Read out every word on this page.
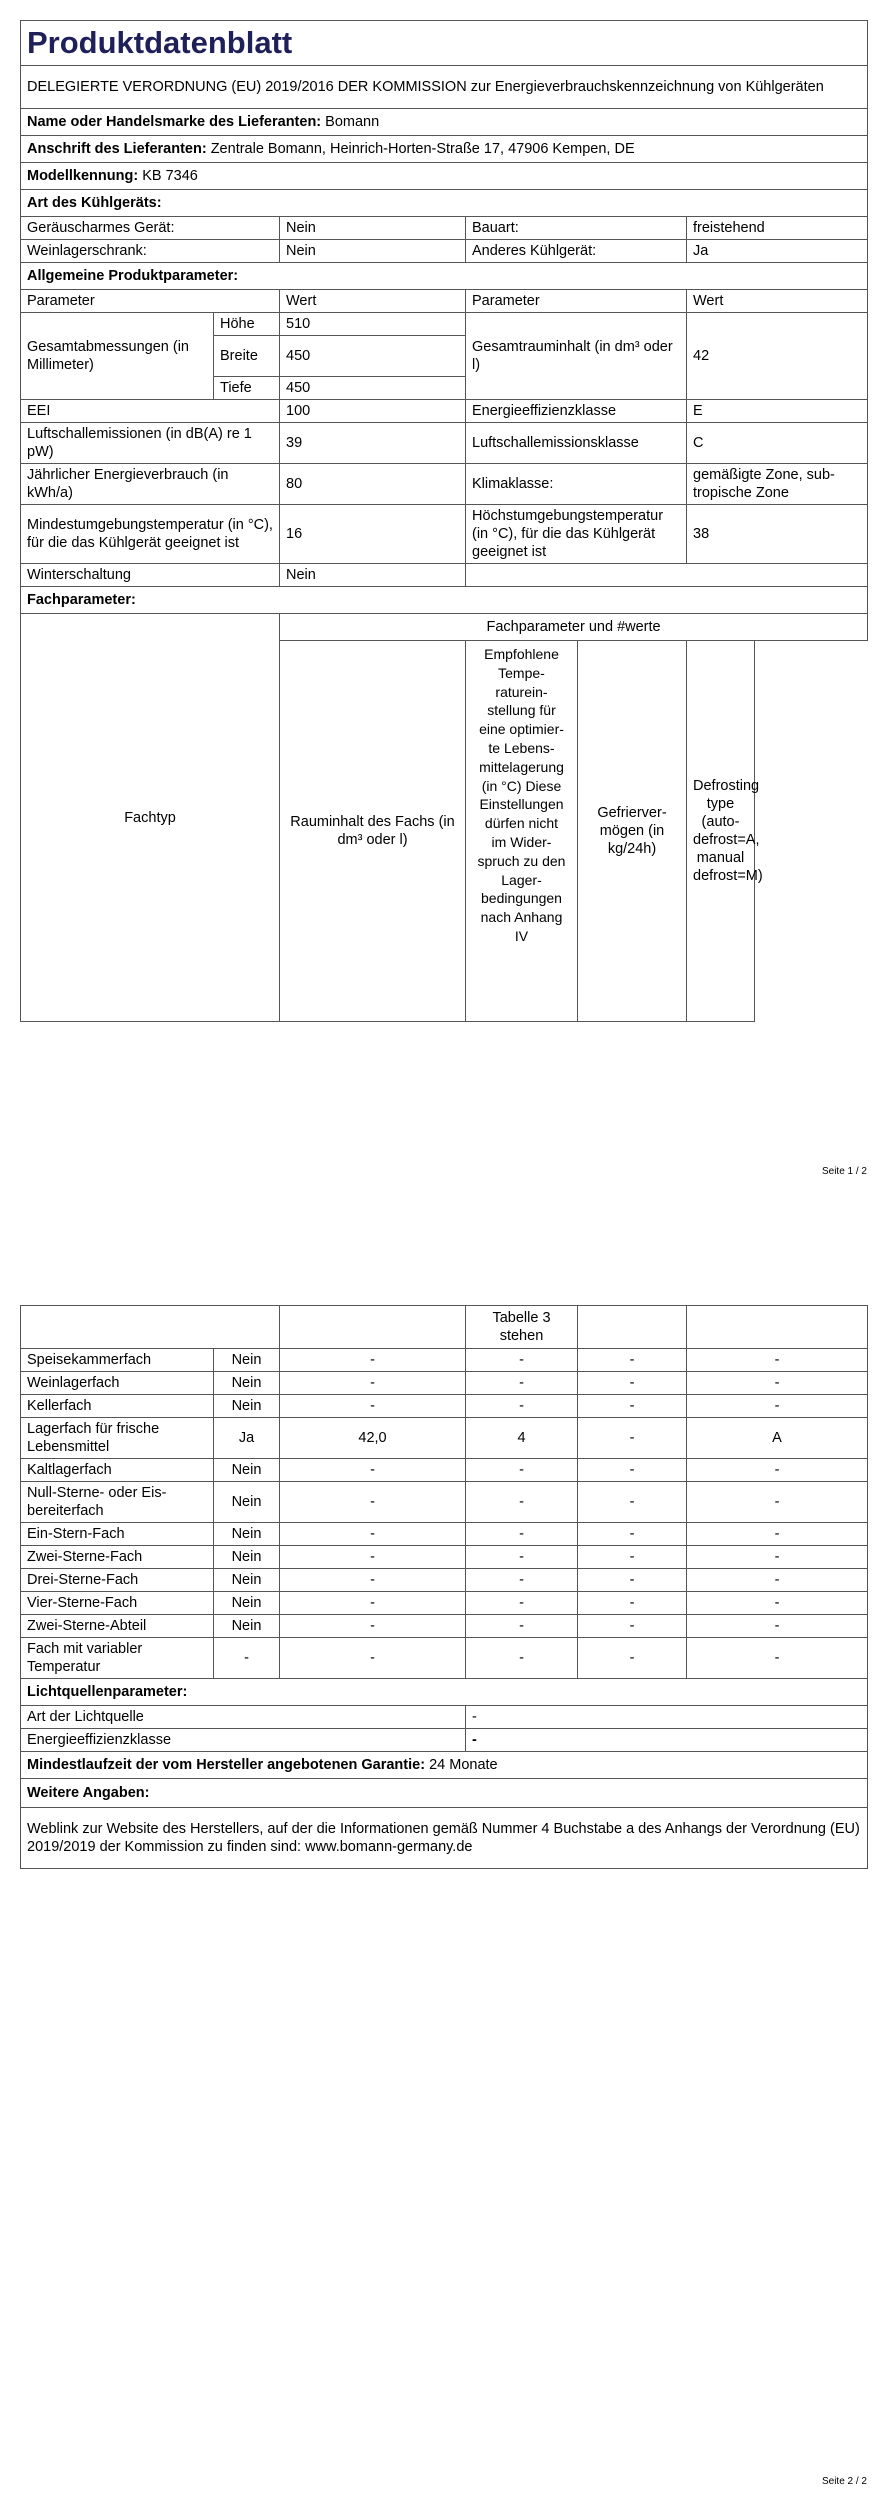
Produktdatenblatt					
DELEGIERTE VERORDNUNG (EU) 2019/2016 DER KOMMISSION zur Energieverbrauchskennzeichnung von Kühlgeräten					
Name oder Handelsmarke des Lieferanten: Bomann					
Anschrift des Lieferanten: Zentrale Bomann, Heinrich-Horten-Straße 17, 47906 Kempen, DE					
Modellkennung: KB 7346					
Art des Kühlgeräts:					
Geräuscharmes Gerät:		Nein	Bauart:		freistehend
Weinlagerschrank:		Nein	Anderes Kühlgerät:		Ja
Allgemeine Produktparameter:					
Parameter		Wert	Parameter		Wert
Gesamtabmessungen (in Millimeter)	Höhe	510	Gesamtrauminhalt (in dm³ oder l)		42
	Breite	450			
	Tiefe	450			
EEI		100	Energieeffizienzklasse		E
Luftschallemissionen (in dB(A) re 1 pW)		39	Luftschallemissionsklasse		C
Jährlicher Energieverbrauch (in kWh/a)		80	Klimaklasse:		gemäßigte Zone, subtropische Zone
Mindestumgebungstemperatur (in °C), für die das Kühlgerät geeignet ist		16	Höchstumgebungstemperatur (in °C), für die das Kühlgerät geeignet ist		38
Winterschaltung		Nein			
Fachparameter:					
Fachtyp		Fachparameter und #werte			
		Rauminhalt des Fachs (in dm³ oder l)	Empfohlene Temperatureinstellung für eine optimierte Lebensmittelagerung (in °C) Diese Einstellungen dürfen nicht im Widerspruch zu den Lagerbedingungen nach Anhang IV	Gefriervermögen (in kg/24h)	Defrosting type (auto-defrost=A, manual defrost=M)
Seite 1 / 2
			Tabelle 3 stehen		
Speisekammerfach	Nein	-	-	-	-
Weinlagerfach	Nein	-	-	-	-
Kellerfach	Nein	-	-	-	-
Lagerfach für frische Lebensmittel	Ja	42,0	4	-	A
Kaltlagerfach	Nein	-	-	-	-
Null-Sterne- oder Eisbereiterfach	Nein	-	-	-	-
Ein-Stern-Fach	Nein	-	-	-	-
Zwei-Sterne-Fach	Nein	-	-	-	-
Drei-Sterne-Fach	Nein	-	-	-	-
Vier-Sterne-Fach	Nein	-	-	-	-
Zwei-Sterne-Abteil	Nein	-	-	-	-
Fach mit variabler Temperatur	-	-	-	-	-
Lichtquellenparameter:					
Art der Lichtquelle			-		
Energieeffizienzklasse			-		
Mindestlaufzeit der vom Hersteller angebotenen Garantie: 24 Monate					
Weitere Angaben:					
Weblink zur Website des Herstellers, auf der die Informationen gemäß Nummer 4 Buchstabe a des Anhangs der Verordnung (EU) 2019/2019 der Kommission zu finden sind: www.bomann-germany.de					
Seite 2 / 2
